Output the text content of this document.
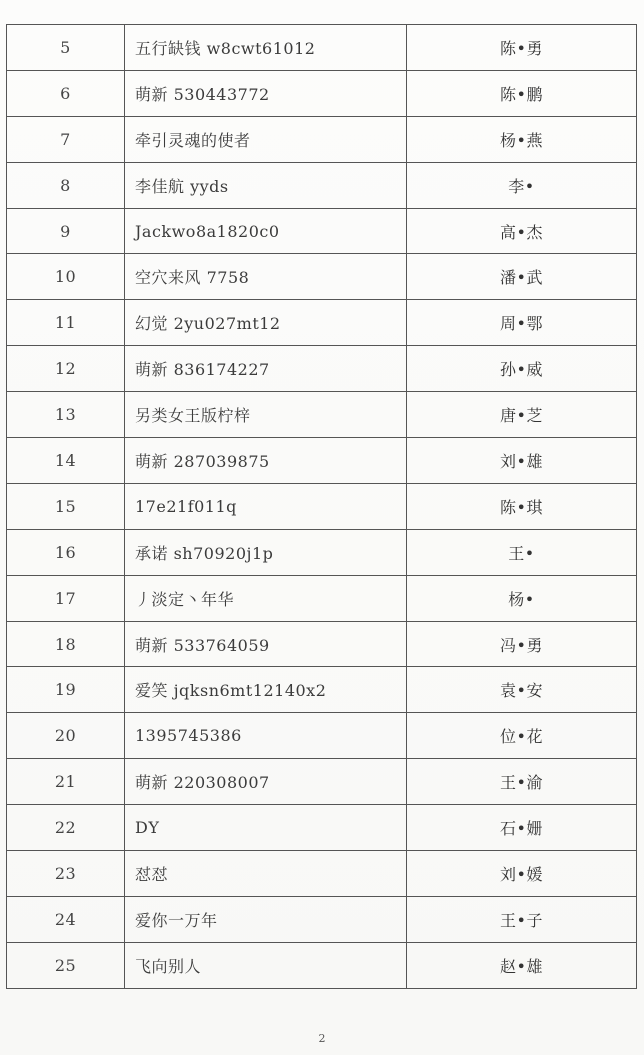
5	五行缺钱 w8cwt61012	陈•勇
6	萌新 530443772	陈•鹏
7	牵引灵魂的使者	杨•燕
8	李佳航 yyds	李•
9	Jackwo8a1820c0	高•杰
10	空穴来风 7758	潘•武
11	幻觉 2yu027mt12	周•鄂
12	萌新 836174227	孙•威
13	另类女王版柠梓	唐•芝
14	萌新 287039875	刘•雄
15	17e21f011q	陈•琪
16	承诺 sh70920j1p	王•
17	丿淡定丶年华	杨•
18	萌新 533764059	冯•勇
19	爱笑 jqksn6mt12140x2	袁•安
20	1395745386	位•花
21	萌新 220308007	王•渝
22	DY	石•姗
23	怼怼	刘•媛
24	爱你一万年	王•子
25	飞向别人	赵•雄
2
